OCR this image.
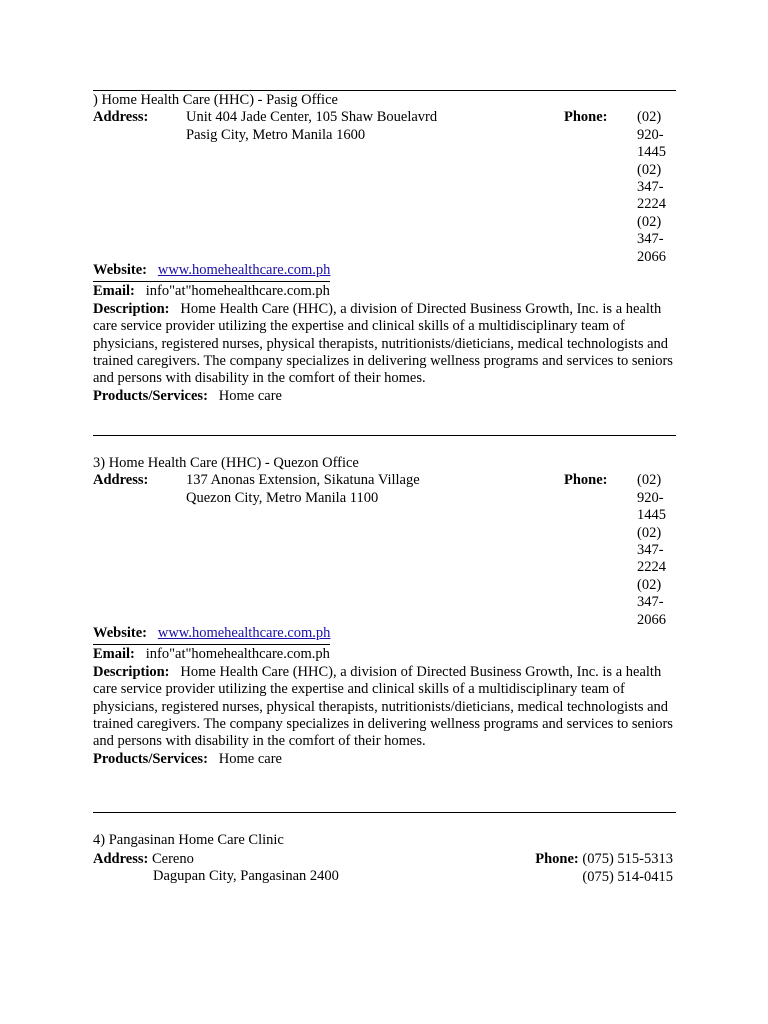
) Home Health Care (HHC) - Pasig Office
Address:	Unit 404 Jade Center, 105 Shaw Bouelavrd
Pasig City, Metro Manila 1600
Phone: (02)
920-
1445
(02)
347-
2224
(02)
347-
2066
Website: www.homehealthcare.com.ph
Email: info"at"homehealthcare.com.ph

Description: Home Health Care (HHC), a division of Directed Business Growth, Inc. is a health care service provider utilizing the expertise and clinical skills of a multidisciplinary team of physicians, registered nurses, physical therapists, nutritionists/dieticians, medical technologists and trained caregivers. The company specializes in delivering wellness programs and services to seniors and persons with disability in the comfort of their homes.

Products/Services: Home care
3) Home Health Care (HHC) - Quezon Office
Address:	137 Anonas Extension, Sikatuna Village
Quezon City, Metro Manila 1100
Phone: (02)
920-
1445
(02)
347-
2224
(02)
347-
2066
Website: www.homehealthcare.com.ph
Email: info"at"homehealthcare.com.ph

Description: Home Health Care (HHC), a division of Directed Business Growth, Inc. is a health care service provider utilizing the expertise and clinical skills of a multidisciplinary team of physicians, registered nurses, physical therapists, nutritionists/dieticians, medical technologists and trained caregivers. The company specializes in delivering wellness programs and services to seniors and persons with disability in the comfort of their homes.

Products/Services: Home care
4) Pangasinan Home Care Clinic
Address: Cereno
Dagupan City, Pangasinan 2400
Phone: (075) 515-5313
(075) 514-0415
